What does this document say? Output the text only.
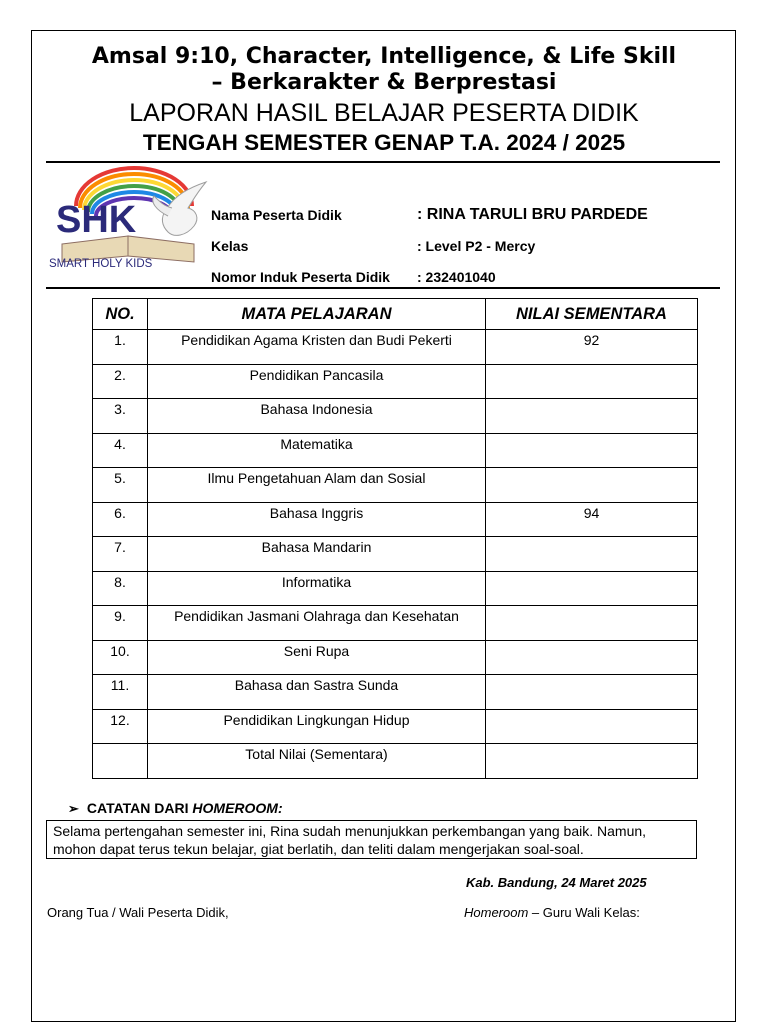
Amsal 9:10, Character, Intelligence, & Life Skill
– Berkarakter & Berprestasi
LAPORAN HASIL BELAJAR PESERTA DIDIK
TENGAH SEMESTER GENAP T.A. 2024 / 2025
SHK
SMART HOLY KIDS
Nama Peserta Didik	: RINA TARULI BRU PARDEDE
Kelas	: Level P2 - Mercy
Nomor Induk Peserta Didik : 232401040
NO.	MATA PELAJARAN	NILAI SEMENTARA
1.	Pendidikan Agama Kristen dan Budi Pekerti	92
2.	Pendidikan Pancasila	
3.	Bahasa Indonesia	
4.	Matematika	
5.	Ilmu Pengetahuan Alam dan Sosial	
6.	Bahasa Inggris	94
7.	Bahasa Mandarin	
8.	Informatika	
9.	Pendidikan Jasmani Olahraga dan Kesehatan	
10.	Seni Rupa	
11.	Bahasa dan Sastra Sunda	
12.	Pendidikan Lingkungan Hidup	
	Total Nilai (Sementara)	
➢ CATATAN DARI HOMEROOM:
Selama pertengahan semester ini, Rina sudah menunjukkan perkembangan yang baik. Namun, mohon dapat terus tekun belajar, giat berlatih, dan teliti dalam mengerjakan soal-soal.
Kab. Bandung, 24 Maret 2025
Orang Tua / Wali Peserta Didik,	Homeroom – Guru Wali Kelas:
